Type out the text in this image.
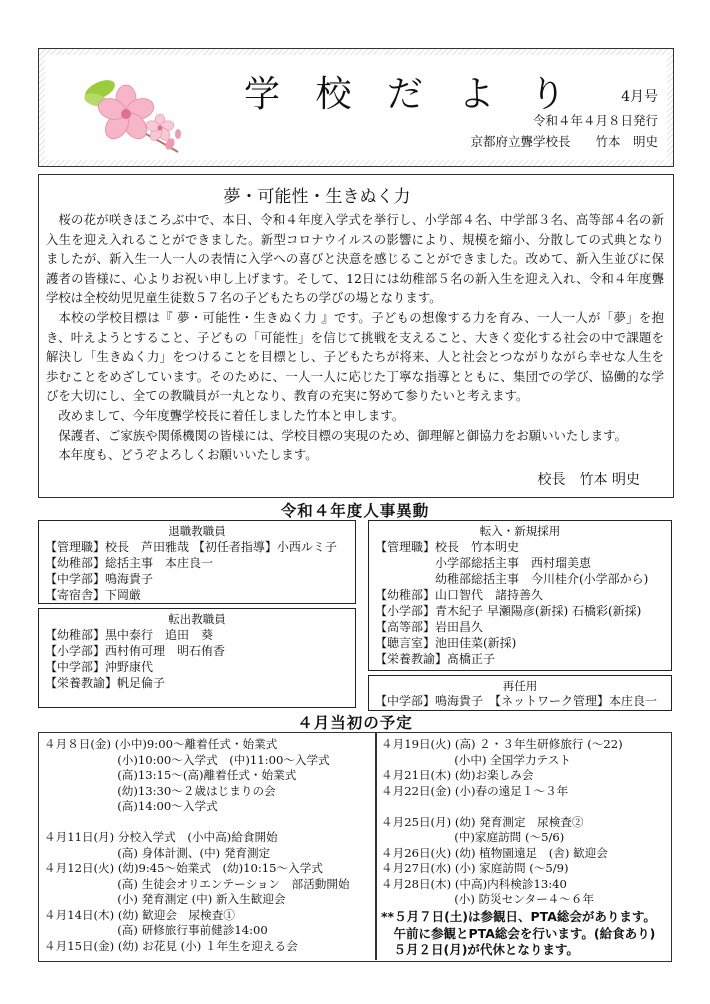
学 校 だ よ り	4月号
令和４年４月８日発行
京都府立聾学校長　　竹本　明史
夢・可能性・生きぬく力

桜の花が咲きほころぶ中で、本日、令和４年度入学式を挙行し、小学部４名、中学部３名、高等部４名の新入生を迎え入れることができました。新型コロナウイルスの影響により、規模を縮小、分散しての式典となりましたが、新入生一人一人の表情に入学への喜びと決意を感じることができました。改めて、新入生並びに保護者の皆様に、心よりお祝い申し上げます。そして、12日には幼稚部５名の新入生を迎え入れ、令和４年度聾学校は全校幼児児童生徒数５７名の子どもたちの学びの場となります。

本校の学校目標は『 夢・可能性・生きぬく力 』です。子どもの想像する力を育み、一人一人が「夢」を抱き、叶えようとすること、子どもの「可能性」を信じて挑戦を支えること、大きく変化する社会の中で課題を解決し「生きぬく力」をつけることを目標とし、子どもたちが将来、人と社会とつながりながら幸せな人生を歩むことをめざしています。そのために、一人一人に応じた丁寧な指導とともに、集団での学び、協働的な学びを大切にし、全ての教職員が一丸となり、教育の充実に努めて参りたいと考えます。

改めまして、今年度聾学校長に着任しました竹本と申します。

保護者、ご家族や関係機関の皆様には、学校目標の実現のため、御理解と御協力をお願いいたします。

本年度も、どうぞよろしくお願いいたします。

校長　竹本 明史
令和４年度人事異動
退職教職員
【管理職】校長　芦田雅哉 【初任者指導】小西ルミ子
【幼稚部】総括主事　本庄良一
【中学部】鳴海貴子
【寄宿舎】下岡厳
転出教職員
【幼稚部】黒中泰行　追田　葵
【小学部】西村侑可理　明石侑香
【中学部】沖野康代
【栄養教諭】帆足倫子
転入・新規採用
【管理職】校長　竹本明史
　　　　　小学部総括主事　西村瑠美恵
　　　　　幼稚部総括主事　今川桂介(小学部から)
【幼稚部】山口智代　諸持善久
【小学部】青木紀子 早瀬陽彦(新採) 石橋彩(新採)
【高等部】岩田昌久
【聴言室】池田佳菜(新採)
【栄養教諭】髙橋正子
再任用
【中学部】鳴海貴子　【ネットワーク管理】本庄良一
４月当初の予定
４月８日(金) (小中)9:00～離着任式・始業式
　　　　　　 (小)10:00～入学式　(中)11:00～入学式
　　　　　　 (高)13:15～(高)離着任式・始業式
　　　　　　 (幼)13:30～２歳はじまりの会
　　　　　　 (高)14:00～入学式
４月11日(月) 分校入学式　(小中高)給食開始
　　　　　　 (高) 身体計測、(中) 発育測定
４月12日(火) (幼)9:45～始業式　(幼)10:15～入学式
　　　　　　 (高) 生徒会オリエンテーション　部活動開始
　　　　　　 (小) 発育測定 (中) 新入生歓迎会
４月14日(木) (幼) 歓迎会　尿検査①
　　　　　　 (高) 研修旅行事前健診14:00
４月15日(金) (幼) お花見 (小) １年生を迎える会
４月19日(火) (高) ２・３年生研修旅行 (～22)
　　　　　　 (小中) 全国学力テスト
４月21日(木) (幼)お楽しみ会
４月22日(金) (小)春の遠足１～３年
４月25日(月) (幼) 発育測定　尿検査②
　　　　　　 (中)家庭訪問 (～5/6)
４月26日(火) (幼) 植物園遠足　(舎) 歓迎会
４月27日(水) (小) 家庭訪問 (～5/9)
４月28日(木) (中高)内科検診13:40
　　　　　　 (小) 防災センター４～６年
**５月７日(土)は参観日、PTA総会があります。
　午前に参観とPTA総会を行います。(給食あり)
　５月２日(月)が代休となります。
